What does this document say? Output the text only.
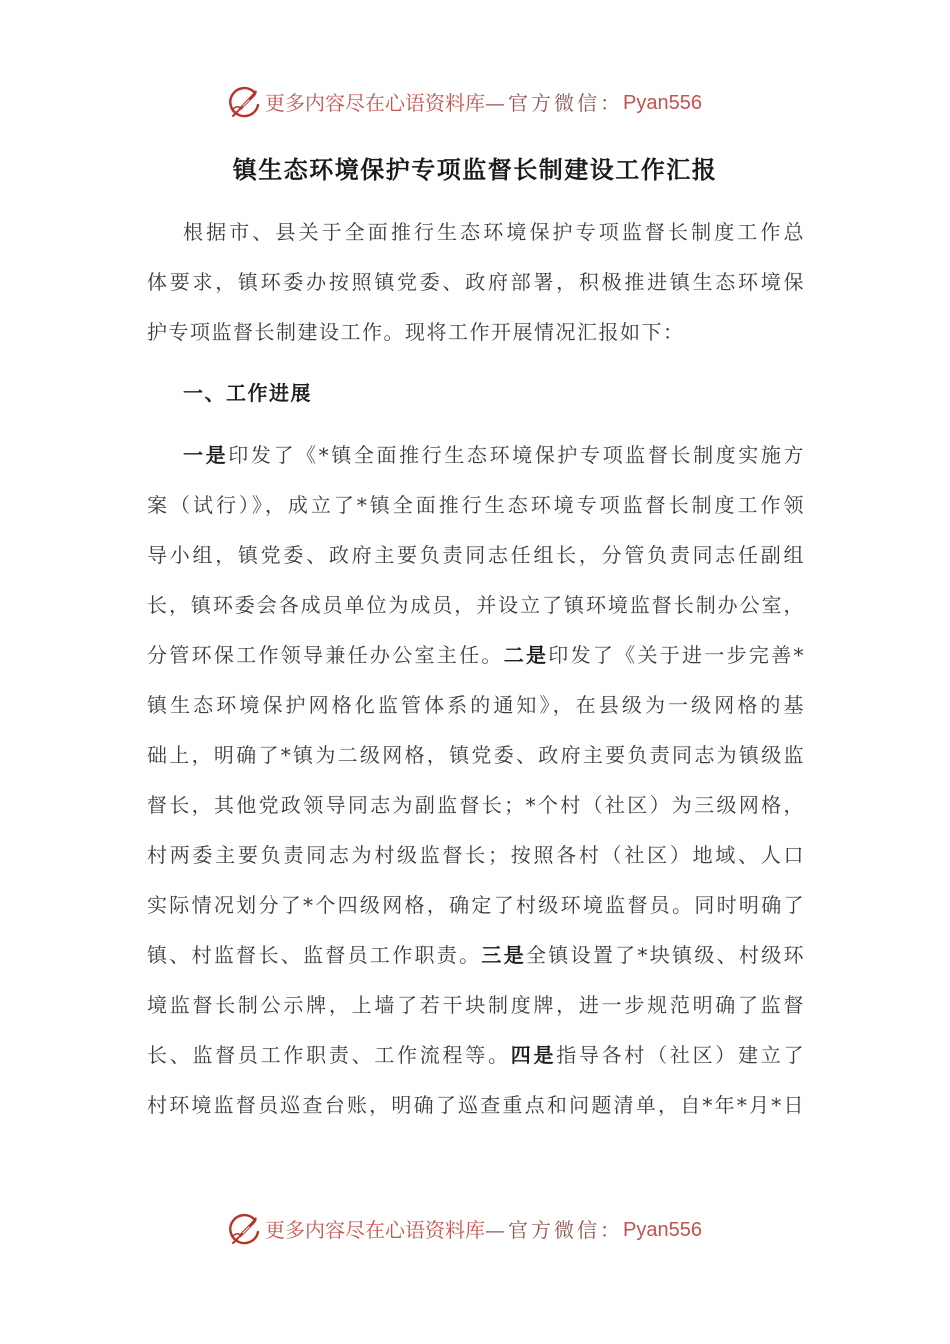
更多内容尽在心语资料库 —官方微信： Pyan556
镇生态环境保护专项监督长制建设工作汇报
根据市、县关于全面推行生态环境保护专项监督长制度工作总
体要求，镇环委办按照镇党委、政府部署，积极推进镇生态环境保
护专项监督长制建设工作。现将工作开展情况汇报如下：
一、工作进展
一是印发了《*镇全面推行生态环境保护专项监督长制度实施方
案（试行）》，成立了*镇全面推行生态环境专项监督长制度工作领
导小组，镇党委、政府主要负责同志任组长，分管负责同志任副组
长，镇环委会各成员单位为成员，并设立了镇环境监督长制办公室，
分管环保工作领导兼任办公室主任。二是印发了《关于进一步完善*
镇生态环境保护网格化监管体系的通知》，在县级为一级网格的基
础上，明确了*镇为二级网格，镇党委、政府主要负责同志为镇级监
督长，其他党政领导同志为副监督长；*个村（社区）为三级网格，
村两委主要负责同志为村级监督长；按照各村（社区）地域、人口
实际情况划分了*个四级网格，确定了村级环境监督员。同时明确了
镇、村监督长、监督员工作职责。三是全镇设置了*块镇级、村级环
境监督长制公示牌，上墙了若干块制度牌，进一步规范明确了监督
长、监督员工作职责、工作流程等。四是指导各村（社区）建立了
村环境监督员巡查台账，明确了巡查重点和问题清单，自*年*月*日
更多内容尽在心语资料库 —官方微信： Pyan556
